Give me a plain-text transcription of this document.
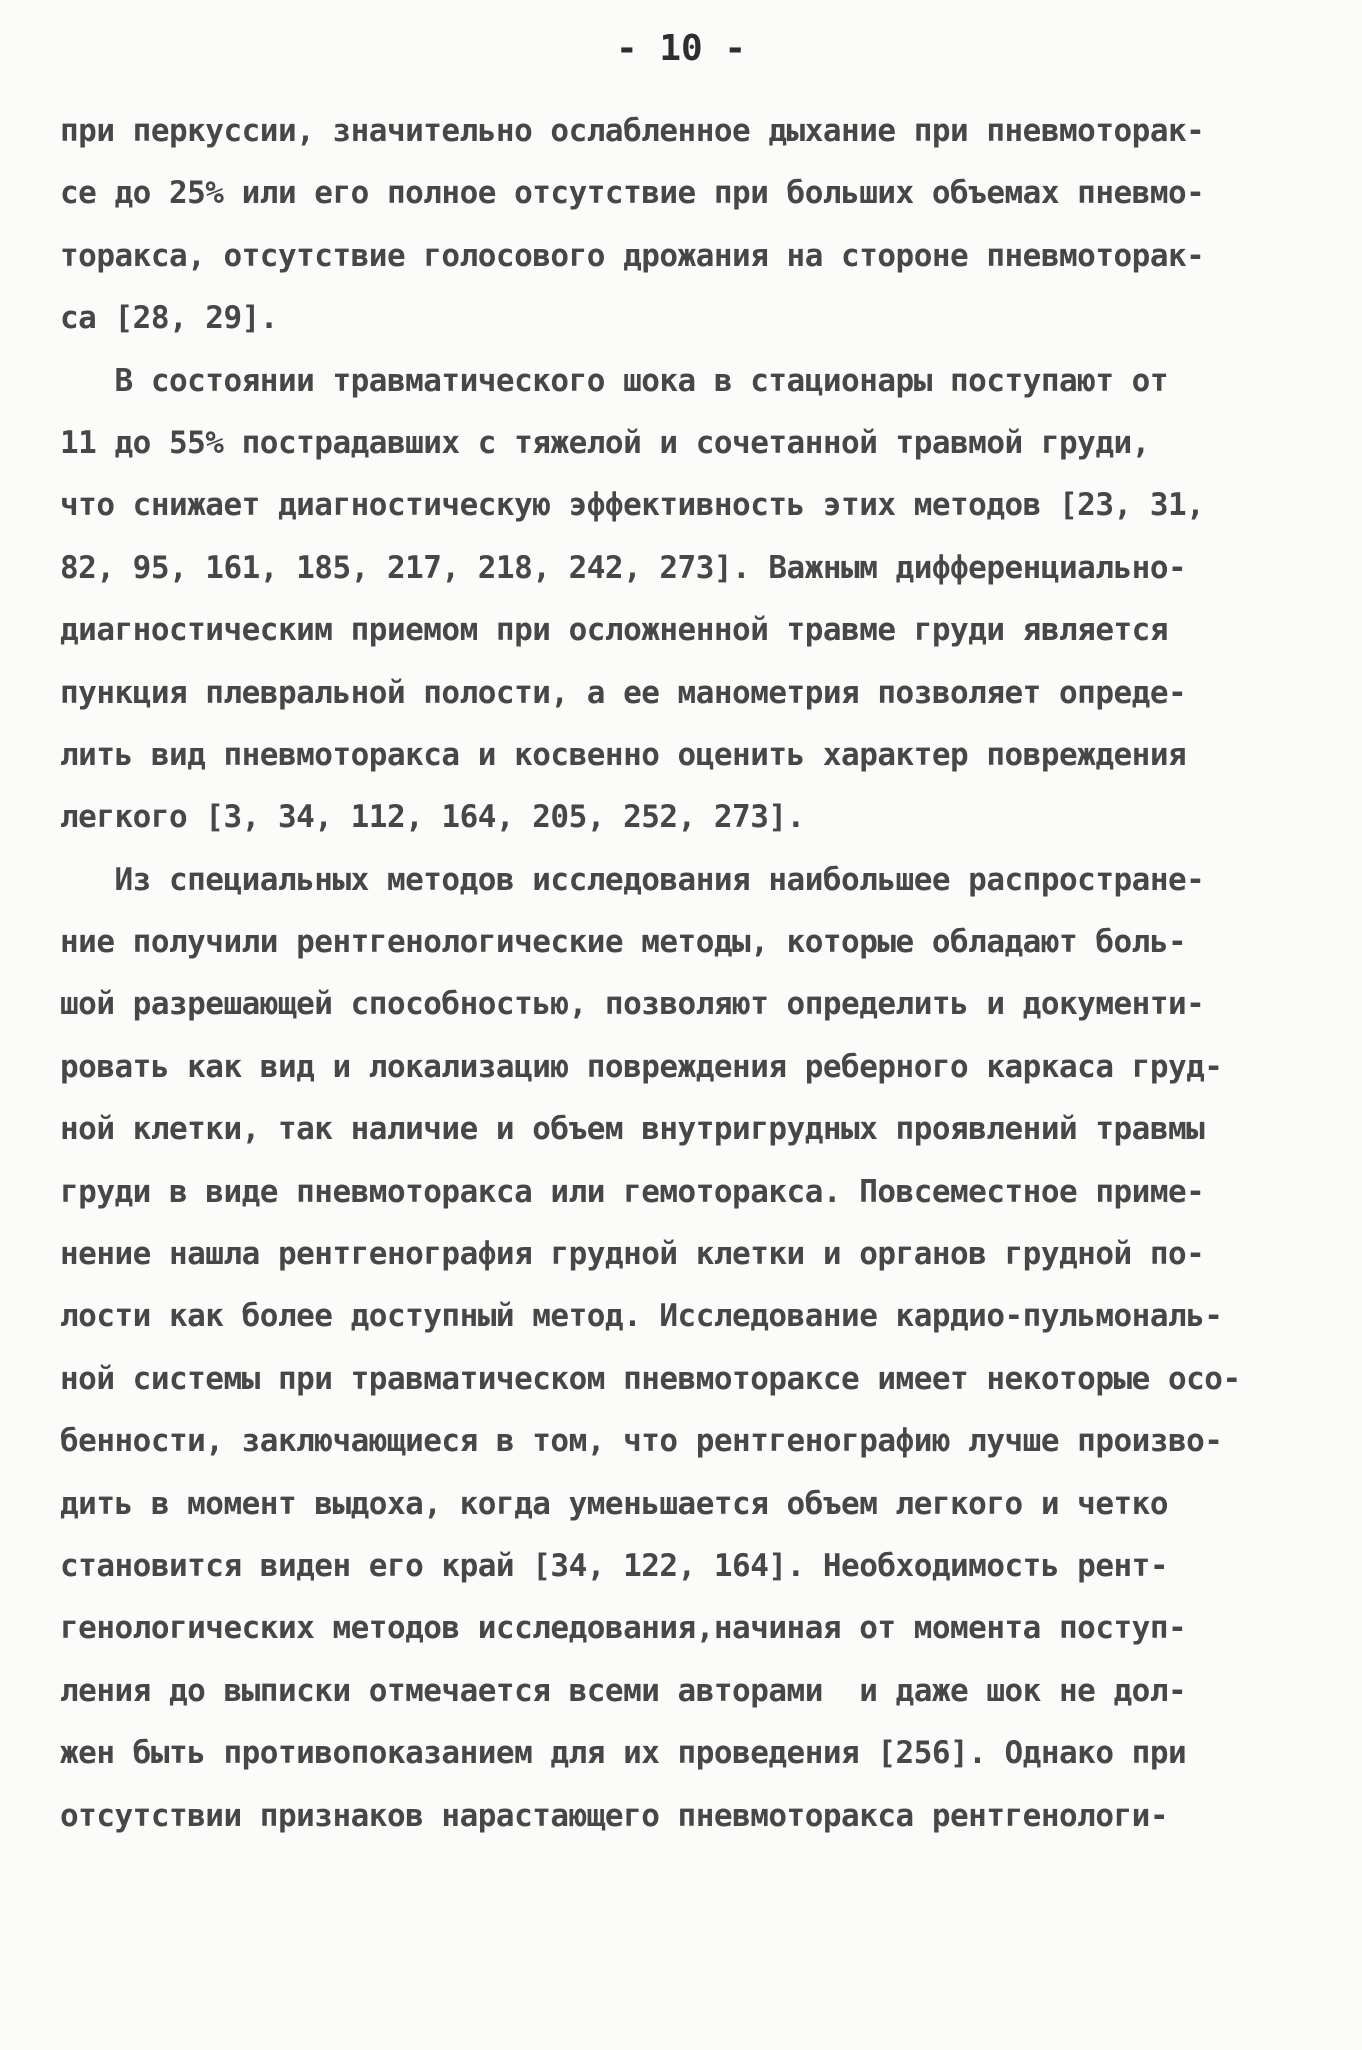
- 10 -
при перкуссии, значительно ослабленное дыхание при пневмоторак-
се до 25% или его полное отсутствие при больших объемах пневмо-
торакса, отсутствие голосового дрожания на стороне пневмоторак-
са [28, 29].
В состоянии травматического шока в стационары поступают от
11 до 55% пострадавших с тяжелой и сочетанной травмой груди,
что снижает диагностическую эффективность этих методов [23, 31,
82, 95, 161, 185, 217, 218, 242, 273]. Важным дифференциально-
диагностическим приемом при осложненной травме груди является
пункция плевральной полости, а ее манометрия позволяет опреде-
лить вид пневмоторакса и косвенно оценить характер повреждения
легкого [3, 34, 112, 164, 205, 252, 273].
Из специальных методов исследования наибольшее распростране-
ние получили рентгенологические методы, которые обладают боль-
шой разрешающей способностью, позволяют определить и документи-
ровать как вид и локализацию повреждения реберного каркаса груд-
ной клетки, так наличие и объем внутригрудных проявлений травмы
груди в виде пневмоторакса или гемоторакса. Повсеместное приме-
нение нашла рентгенография грудной клетки и органов грудной по-
лости как более доступный метод. Исследование кардио-пульмональ-
ной системы при травматическом пневмотораксе имеет некоторые осо-
бенности, заключающиеся в том, что рентгенографию лучше произво-
дить в момент выдоха, когда уменьшается объем легкого и четко
становится виден его край [34, 122, 164]. Необходимость рент-
генологических методов исследования,начиная от момента поступ-
ления до выписки отмечается всеми авторами  и даже шок не дол-
жен быть противопоказанием для их проведения [256]. Однако при
отсутствии признаков нарастающего пневмоторакса рентгенологи-
